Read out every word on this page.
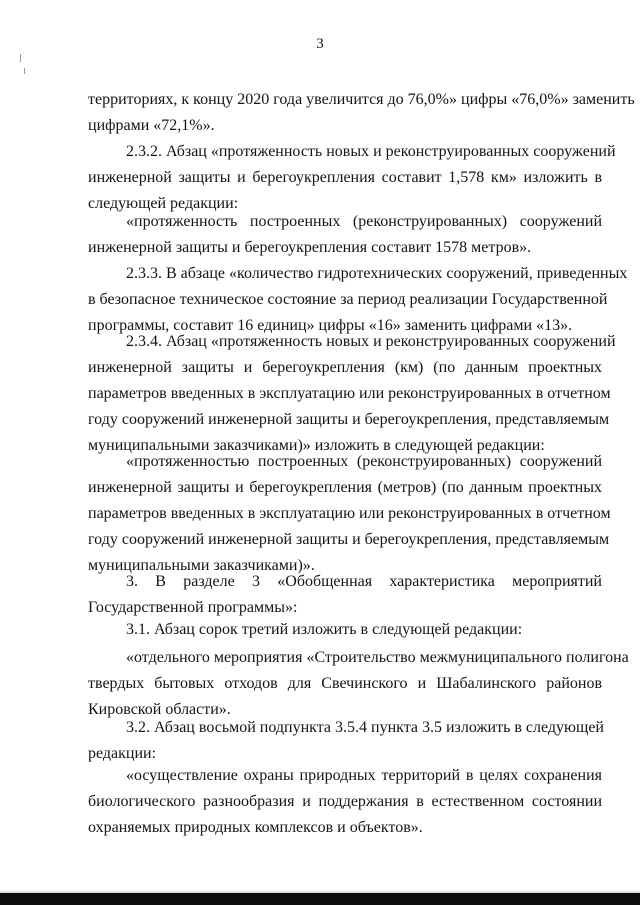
3
территориях, к концу 2020 года увеличится до 76,0%» цифры «76,0%» заменить
цифрами «72,1%».
2.3.2. Абзац «протяженность новых и реконструированных сооружений
инженерной защиты и берегоукрепления составит 1,578 км» изложить в
следующей редакции:
«протяженность построенных (реконструированных) сооружений
инженерной защиты и берегоукрепления составит 1578 метров».
2.3.3. В абзаце «количество гидротехнических сооружений, приведенных
в безопасное техническое состояние за период реализации Государственной
программы, составит 16 единиц» цифры «16» заменить цифрами «13».
2.3.4. Абзац «протяженность новых и реконструированных сооружений
инженерной защиты и берегоукрепления (км) (по данным проектных
параметров введенных в эксплуатацию или реконструированных в отчетном
году сооружений инженерной защиты и берегоукрепления, представляемым
муниципальными заказчиками)» изложить в следующей редакции:
«протяженностью построенных (реконструированных) сооружений
инженерной защиты и берегоукрепления (метров) (по данным проектных
параметров введенных в эксплуатацию или реконструированных в отчетном
году сооружений инженерной защиты и берегоукрепления, представляемым
муниципальными заказчиками)».
3. В разделе 3 «Обобщенная характеристика мероприятий
Государственной программы»:
3.1. Абзац сорок третий изложить в следующей редакции:
«отдельного мероприятия «Строительство межмуниципального полигона
твердых бытовых отходов для Свечинского и Шабалинского районов
Кировской области».
3.2. Абзац восьмой подпункта 3.5.4 пункта 3.5 изложить в следующей
редакции:
«осуществление охраны природных территорий в целях сохранения
биологического разнообразия и поддержания в естественном состоянии
охраняемых природных комплексов и объектов».
